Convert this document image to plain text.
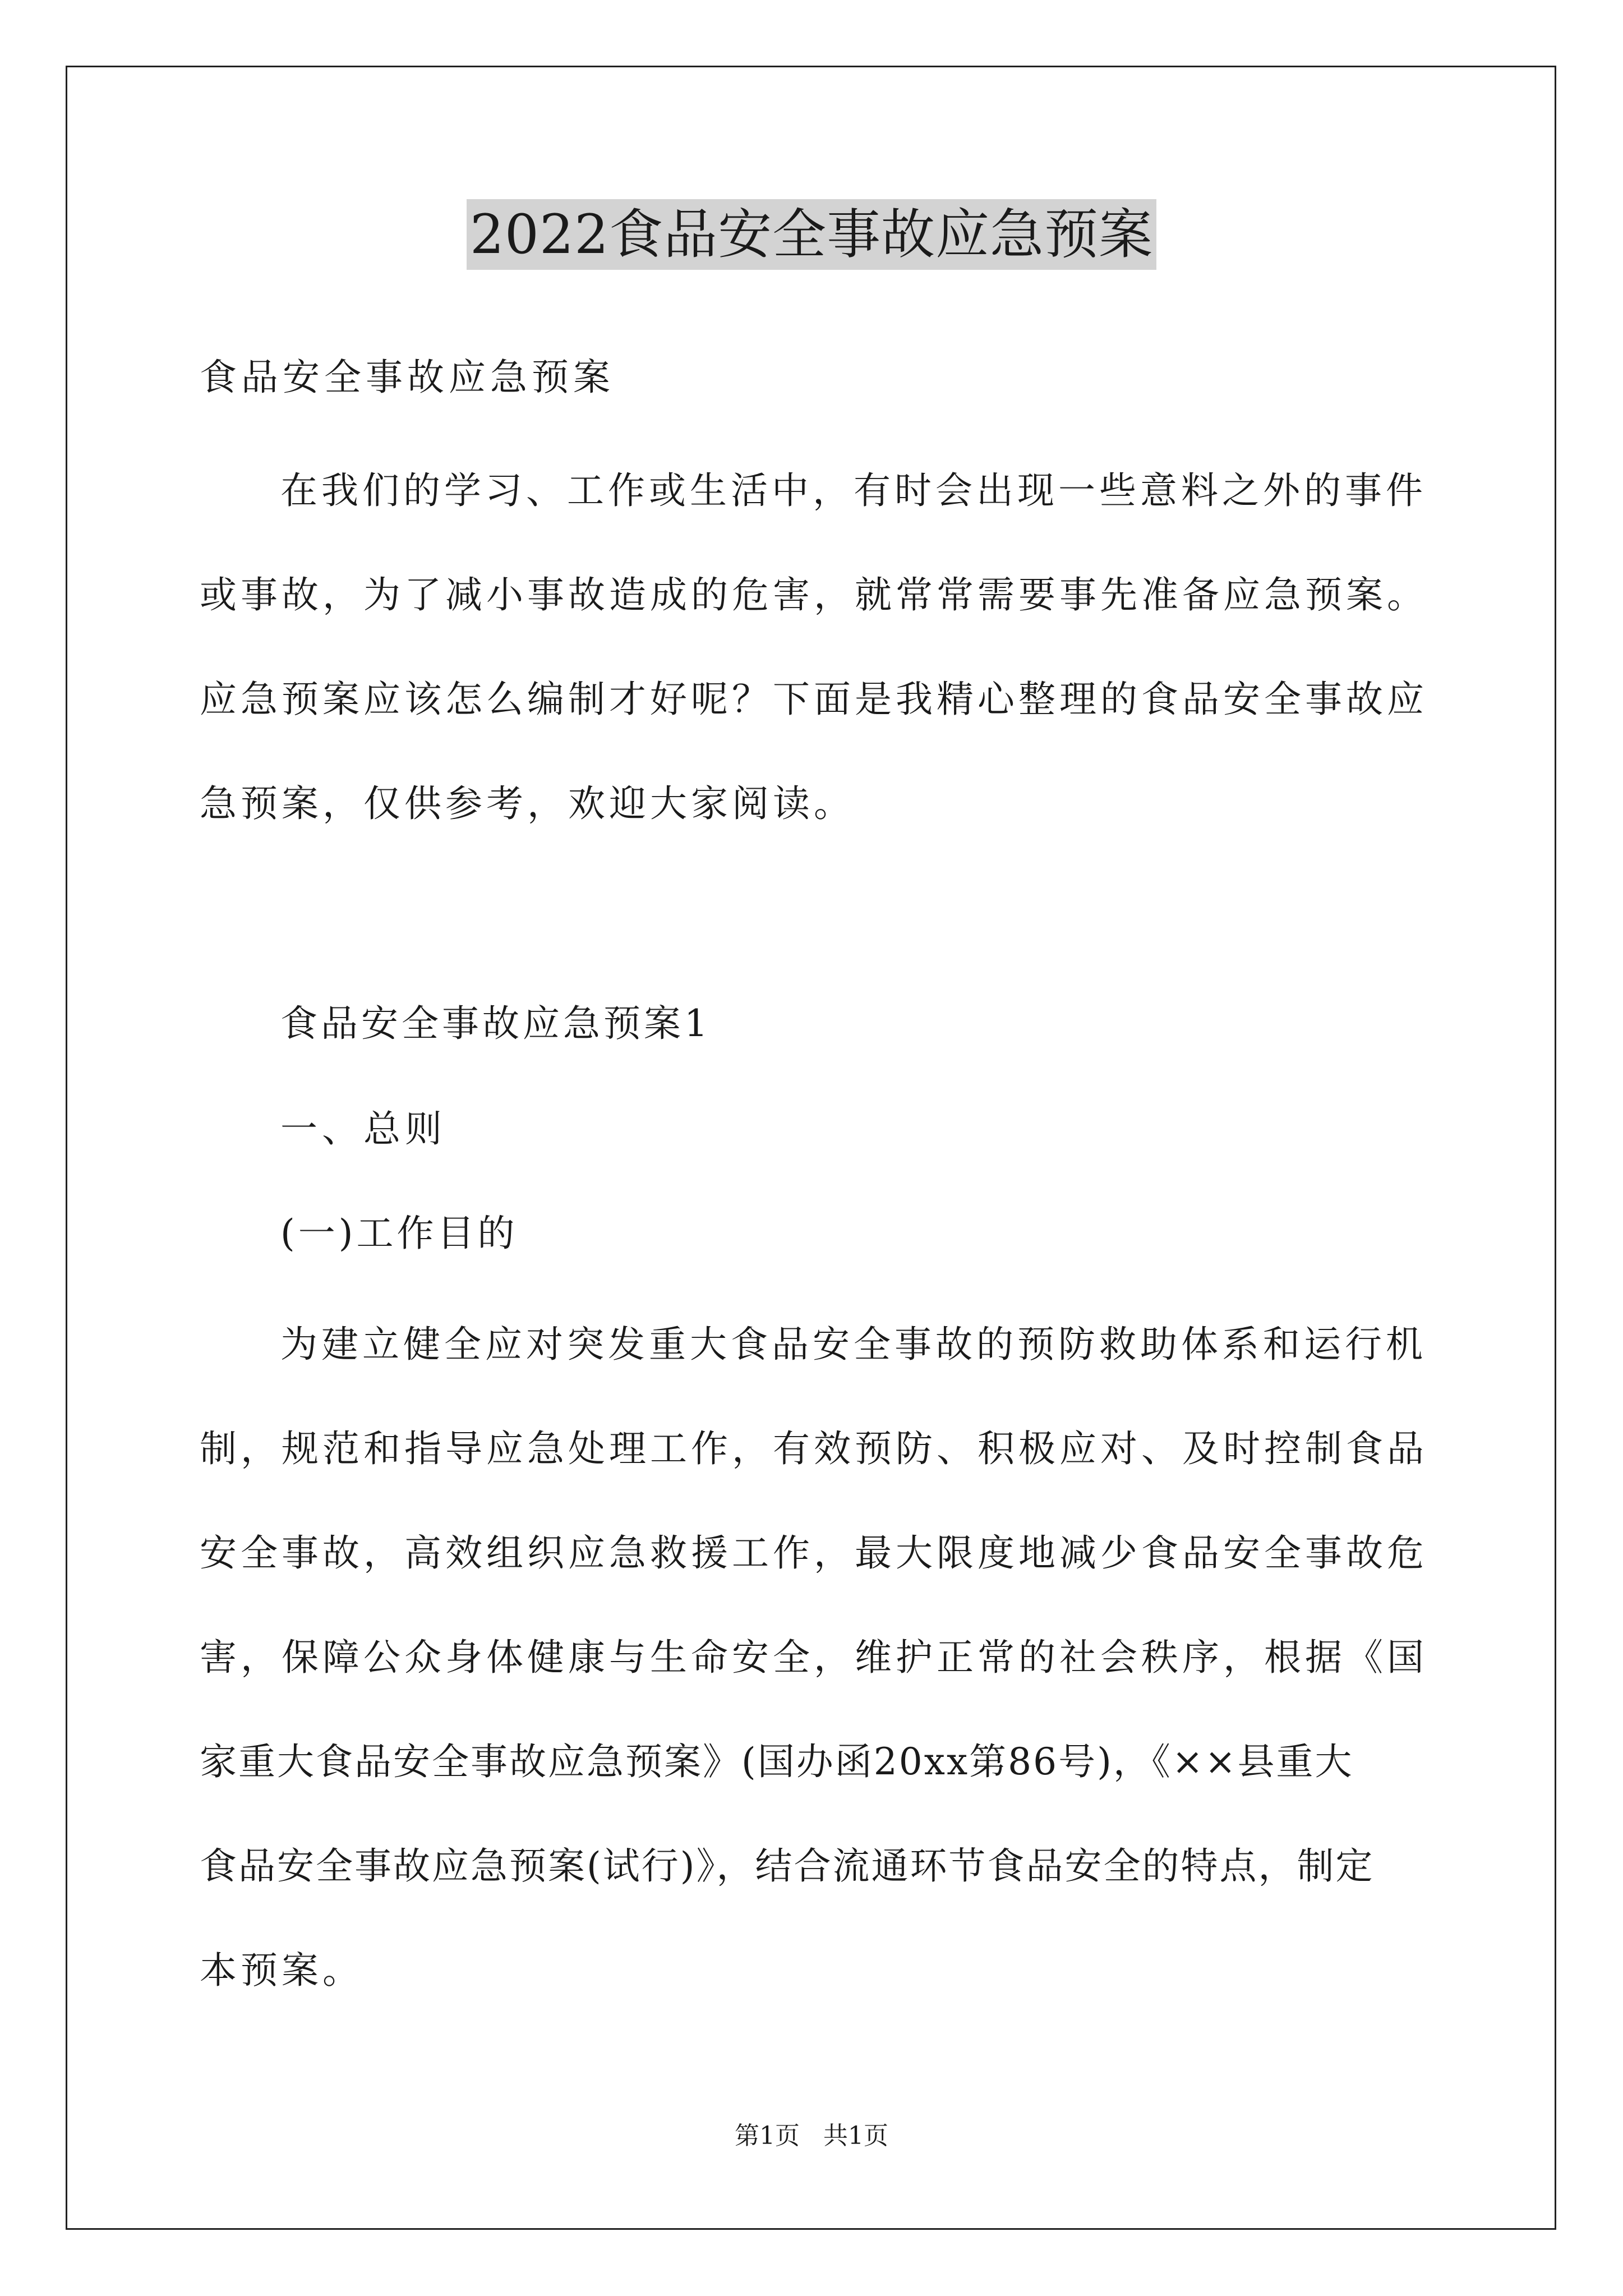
2022食品安全事故应急预案

食品安全事故应急预案

在我们的学习、工作或生活中，有时会出现一些意料之外的事件
或事故，为了减小事故造成的危害，就常常需要事先准备应急预案。
应急预案应该怎么编制才好呢？下面是我精心整理的食品安全事故应
急预案，仅供参考，欢迎大家阅读。

食品安全事故应急预案1

一、总则

(一)工作目的

为建立健全应对突发重大食品安全事故的预防救助体系和运行机
制，规范和指导应急处理工作，有效预防、积极应对、及时控制食品
安全事故，高效组织应急救援工作，最大限度地减少食品安全事故危
害，保障公众身体健康与生命安全，维护正常的社会秩序，根据《国
家重大食品安全事故应急预案》(国办函20xx第86号)，《××县重大
食品安全事故应急预案(试行)》，结合流通环节食品安全的特点，制定
本预案。
第1页 共1页
